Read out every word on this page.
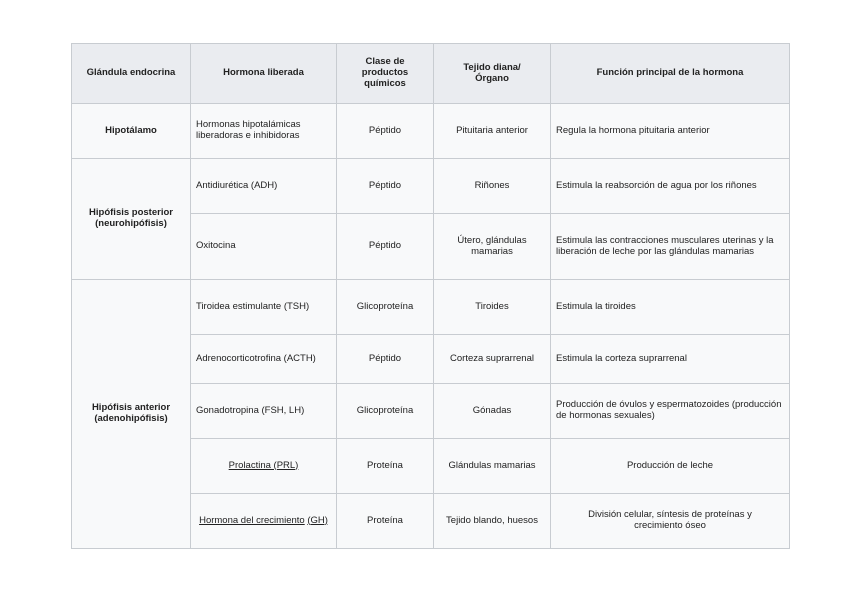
Glándula endocrina	Hormona liberada	Clase de productos químicos	Tejido diana/Órgano	Función principal de la hormona
Hipotálamo	Hormonas hipotalámicas liberadoras e inhibidoras	Péptido	Pituitaria anterior	Regula la hormona pituitaria anterior
Hipófisis posterior (neurohipófisis)	Antidiurética (ADH)	Péptido	Riñones	Estimula la reabsorción de agua por los riñones
	Oxitocina	Péptido	Útero, glándulas mamarias	Estimula las contracciones musculares uterinas y la liberación de leche por las glándulas mamarias
Hipófisis anterior (adenohipófisis)	Tiroidea estimulante (TSH)	Glicoproteína	Tiroides	Estimula la tiroides
	Adrenocorticotrofina (ACTH)	Péptido	Corteza suprarrenal	Estimula la corteza suprarrenal
	Gonadotropina (FSH, LH)	Glicoproteína	Gónadas	Producción de óvulos y espermatozoides (producción de hormonas sexuales)
	Prolactina (PRL)	Proteína	Glándulas mamarias	Producción de leche
	Hormona del crecimiento (GH)	Proteína	Tejido blando, huesos	División celular, síntesis de proteínas y crecimiento óseo
